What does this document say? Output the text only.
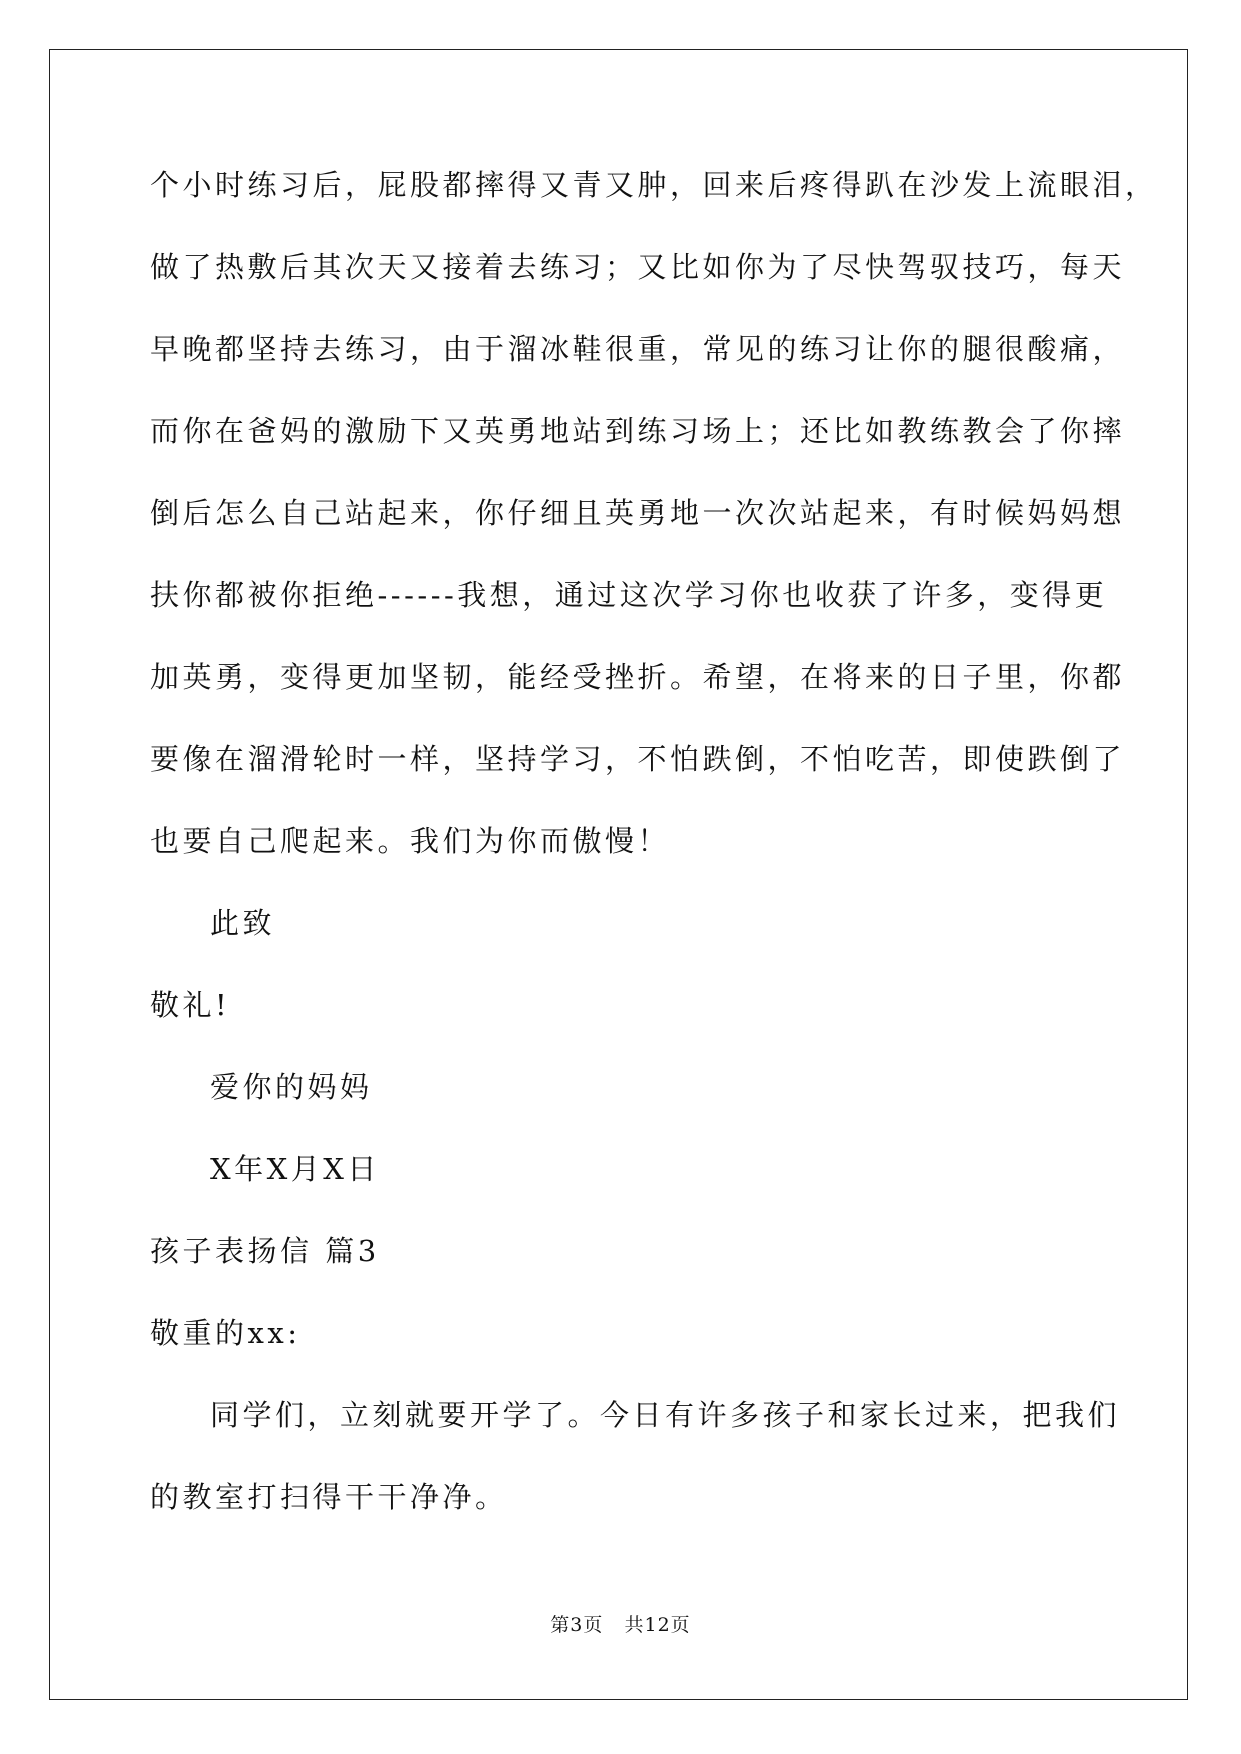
个小时练习后，屁股都摔得又青又肿，回来后疼得趴在沙发上流眼泪，
做了热敷后其次天又接着去练习；又比如你为了尽快驾驭技巧，每天
早晚都坚持去练习，由于溜冰鞋很重，常见的练习让你的腿很酸痛，
而你在爸妈的激励下又英勇地站到练习场上；还比如教练教会了你摔
倒后怎么自己站起来，你仔细且英勇地一次次站起来，有时候妈妈想
扶你都被你拒绝------我想，通过这次学习你也收获了许多，变得更
加英勇，变得更加坚韧，能经受挫折。希望，在将来的日子里，你都
要像在溜滑轮时一样，坚持学习，不怕跌倒，不怕吃苦，即使跌倒了
也要自己爬起来。我们为你而傲慢！
此致
敬礼!
爱你的妈妈
X年X月X日
孩子表扬信 篇3
敬重的xx:
同学们，立刻就要开学了。今日有许多孩子和家长过来，把我们
的教室打扫得干干净净。
第3页   共12页
